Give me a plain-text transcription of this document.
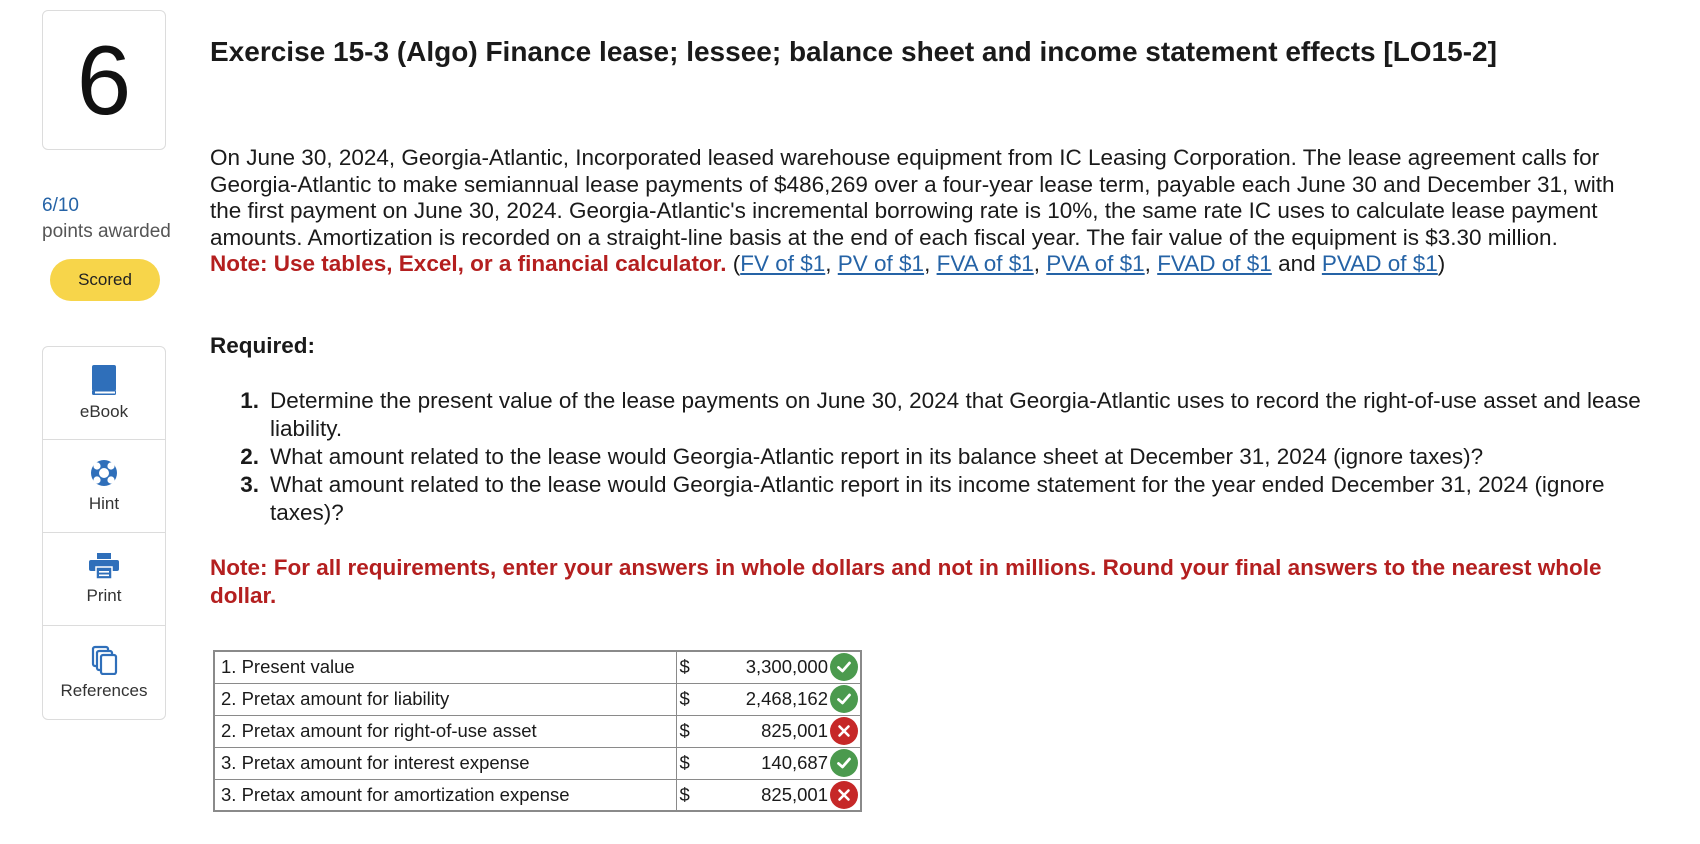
6
6/10
points awarded
Scored
eBook
Hint
Print
References
Exercise 15-3 (Algo) Finance lease; lessee; balance sheet and income statement effects [LO15-2]

On June 30, 2024, Georgia-Atlantic, Incorporated leased warehouse equipment from IC Leasing Corporation. The lease agreement calls for Georgia-Atlantic to make semiannual lease payments of $486,269 over a four-year lease term, payable each June 30 and December 31, with the first payment on June 30, 2024. Georgia-Atlantic's incremental borrowing rate is 10%, the same rate IC uses to calculate lease payment amounts. Amortization is recorded on a straight-line basis at the end of each fiscal year. The fair value of the equipment is $3.30 million.
Note: Use tables, Excel, or a financial calculator. (FV of $1, PV of $1, FVA of $1, PVA of $1, FVAD of $1 and PVAD of $1)

Required:
1. Determine the present value of the lease payments on June 30, 2024 that Georgia-Atlantic uses to record the right-of-use asset and lease liability.
2. What amount related to the lease would Georgia-Atlantic report in its balance sheet at December 31, 2024 (ignore taxes)?
3. What amount related to the lease would Georgia-Atlantic report in its income statement for the year ended December 31, 2024 (ignore taxes)?

Note: For all requirements, enter your answers in whole dollars and not in millions. Round your final answers to the nearest whole dollar.

1. Present value	$	3,300,000

2. Pretax amount for liability	$	2,468,162

2. Pretax amount for right-of-use asset	$	825,001

3. Pretax amount for interest expense	$	140,687

3. Pretax amount for amortization expense	$	825,001
